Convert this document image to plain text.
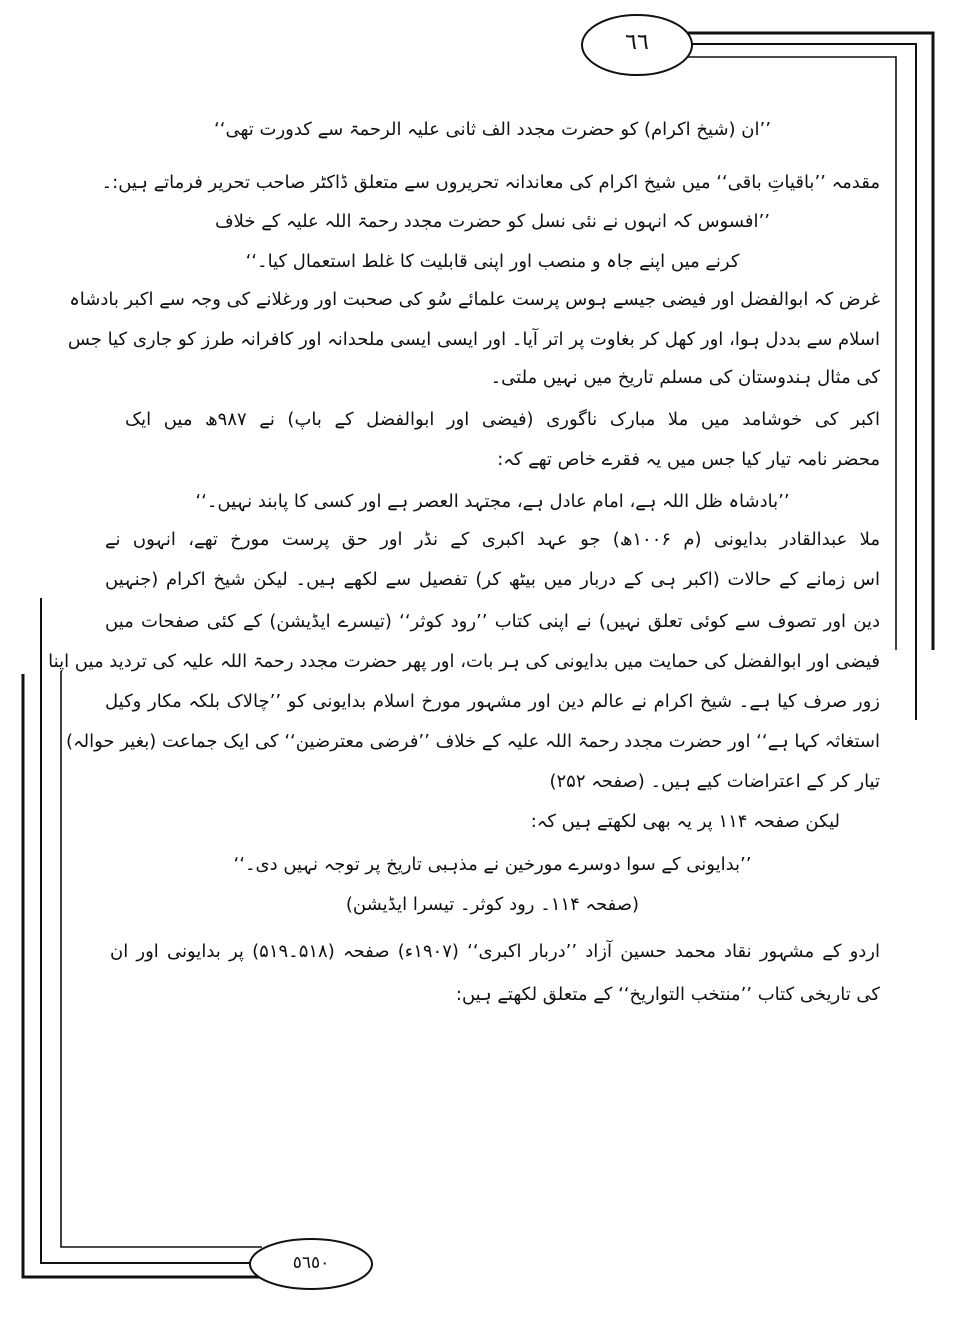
٦٦
٥٦٥٠
’’ان (شیخ اکرام) کو حضرت مجدد الف ثانی علیہ الرحمۃ سے کدورت تھی‘‘
مقدمہ ’’باقیاتِ باقی‘‘ میں شیخ اکرام کی معاندانہ تحریروں سے متعلق ڈاکٹر صاحب تحریر فرماتے ہیں:۔
’’افسوس کہ انہوں نے نئی نسل کو حضرت مجدد رحمۃ اللہ علیہ کے خلاف
کرنے میں اپنے جاہ و منصب اور اپنی قابلیت کا غلط استعمال کیا۔‘‘
غرض کہ ابوالفضل اور فیضی جیسے ہوس پرست علمائے سُو کی صحبت اور ورغلانے کی وجہ سے اکبر بادشاہ
اسلام سے بددل ہوا، اور کھل کر بغاوت پر اتر آیا۔ اور ایسی ایسی ملحدانہ اور کافرانہ طرز کو جاری کیا جس
کی مثال ہندوستان کی مسلم تاریخ میں نہیں ملتی۔
اکبر کی خوشامد میں ملا مبارک ناگوری (فیضی اور ابوالفضل کے باپ) نے ۹۸۷ھ میں ایک
محضر نامہ تیار کیا جس میں یہ فقرے خاص تھے کہ:
’’بادشاہ ظل اللہ ہے، امام عادل ہے، مجتہد العصر ہے اور کسی کا پابند نہیں۔‘‘
ملا عبدالقادر بدایونی (م ۱۰۰۶ھ) جو عہد اکبری کے نڈر اور حق پرست مورخ تھے، انہوں نے
اس زمانے کے حالات (اکبر ہی کے دربار میں بیٹھ کر) تفصیل سے لکھے ہیں۔ لیکن شیخ اکرام (جنہیں
دین اور تصوف سے کوئی تعلق نہیں) نے اپنی کتاب ’’رود کوثر‘‘ (تیسرے ایڈیشن) کے کئی صفحات میں
فیضی اور ابوالفضل کی حمایت میں بدایونی کی ہر بات، اور پھر حضرت مجدد رحمۃ اللہ علیہ کی تردید میں اپنا
زور صرف کیا ہے۔ شیخ اکرام نے عالم دین اور مشہور مورخ اسلام بدایونی کو ’’چالاک بلکہ مکار وکیل
استغاثہ کہا ہے‘‘ اور حضرت مجدد رحمۃ اللہ علیہ کے خلاف ’’فرضی معترضین‘‘ کی ایک جماعت (بغیر حوالہ)
تیار کر کے اعتراضات کیے ہیں۔ (صفحہ ۲۵۲)
لیکن صفحہ ۱۱۴ پر یہ بھی لکھتے ہیں کہ:
’’بدایونی کے سوا دوسرے مورخین نے مذہبی تاریخ پر توجہ نہیں دی۔‘‘
(صفحہ ۱۱۴۔ رود کوثر۔ تیسرا ایڈیشن)
اردو کے مشہور نقاد محمد حسین آزاد ’’دربار اکبری‘‘ (۱۹۰۷ء) صفحہ (۵۱۸۔۵۱۹) پر بدایونی اور ان
کی تاریخی کتاب ’’منتخب التواریخ‘‘ کے متعلق لکھتے ہیں:
